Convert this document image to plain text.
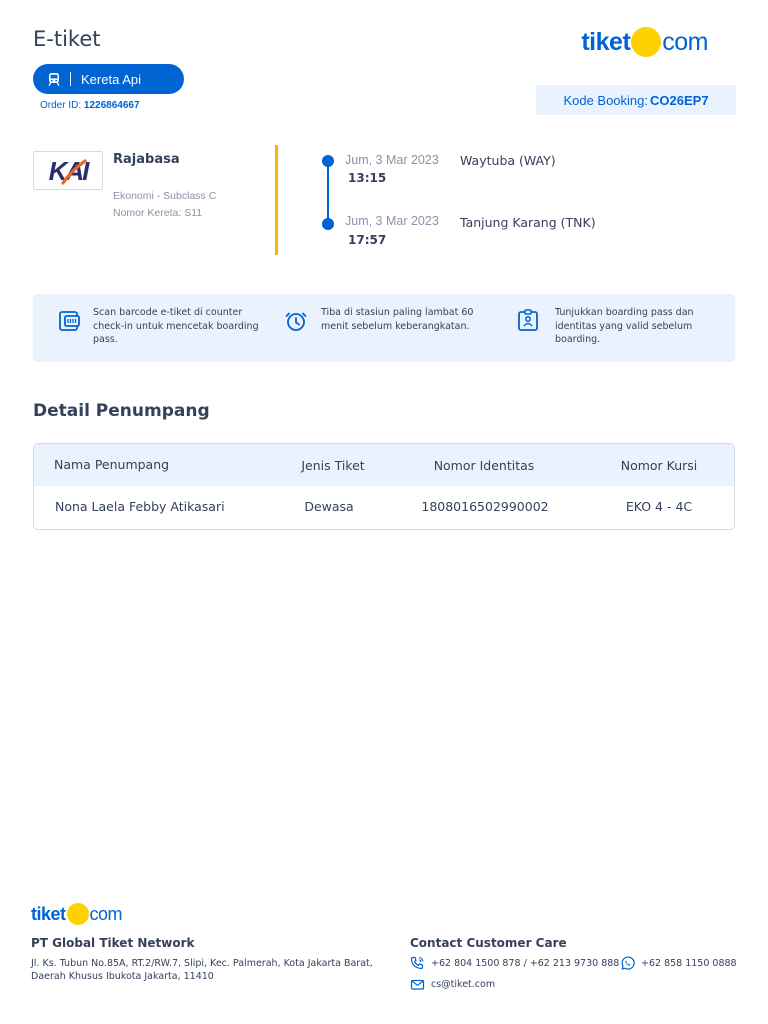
E-tiket
Kereta Api
Order ID: 1226864667
tiket com
Kode Booking: CO26EP7
KAI Rajabasa
Ekonomi - Subclass C
Nomor Kereta: S11
Jum, 3 Mar 2023
13:15
Waytuba (WAY)
Jum, 3 Mar 2023
17:57
Tanjung Karang (TNK)
Scan barcode e-tiket di counter
check-in untuk mencetak boarding
pass.
Tiba di stasiun paling lambat 60
menit sebelum keberangkatan.
Tunjukkan boarding pass dan
identitas yang valid sebelum
boarding.
Detail Penumpang
Nama Penumpang	Jenis Tiket	Nomor Identitas	Nomor Kursi
Nona Laela Febby Atikasari	Dewasa	1808016502990002	EKO 4 - 4C
tiket com
PT Global Tiket Network
Jl. Ks. Tubun No.85A, RT.2/RW.7, Slipi, Kec. Palmerah, Kota Jakarta Barat,
Daerah Khusus Ibukota Jakarta, 11410
Contact Customer Care
+62 804 1500 878 / +62 213 9730 888 +62 858 1150 0888
cs@tiket.com
